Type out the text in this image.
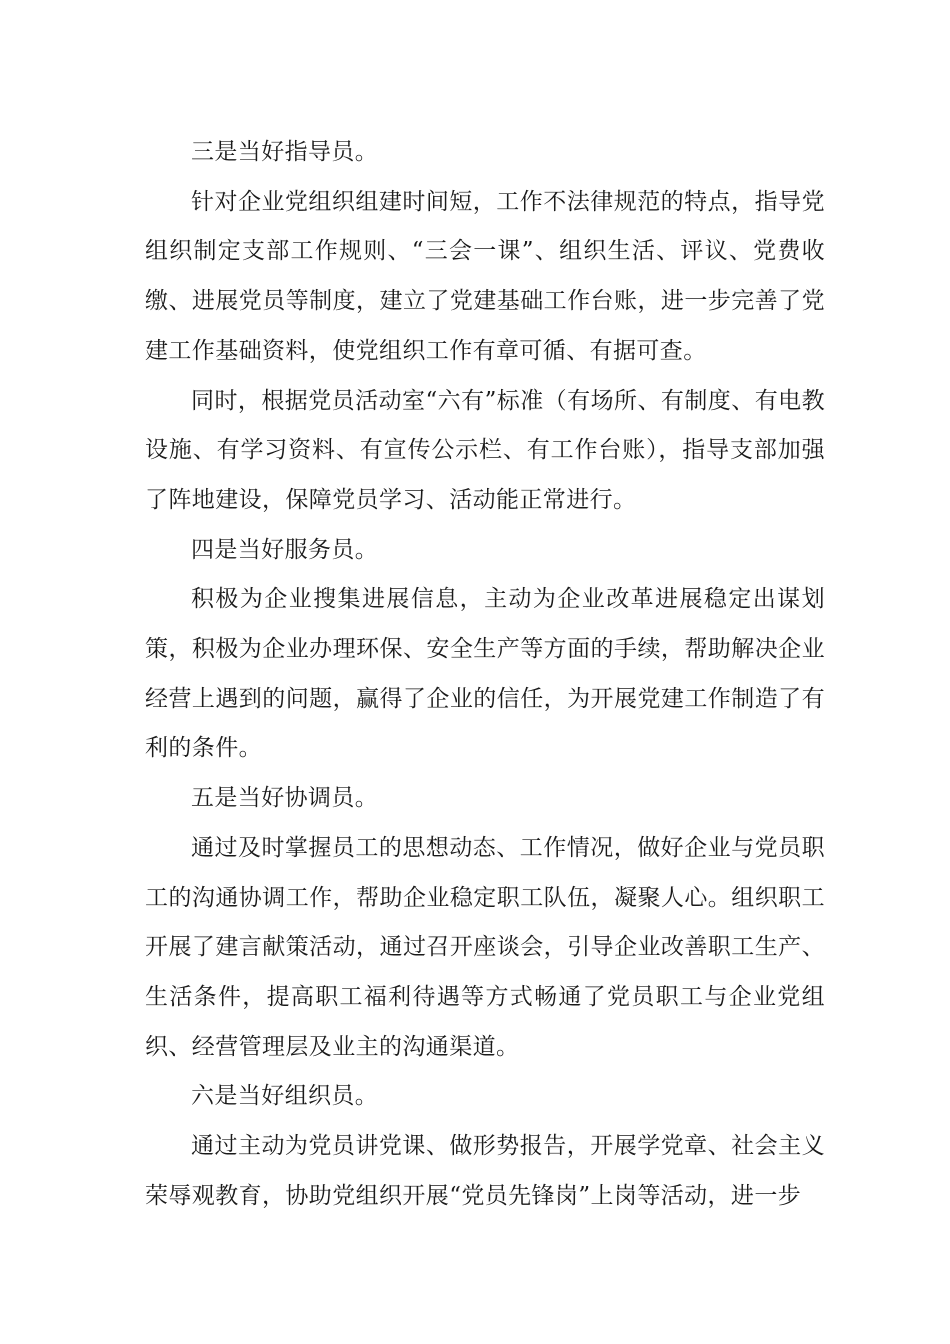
三是当好指导员。

针对企业党组织组建时间短，工作不法律规范的特点，指导党组织制定支部工作规则、“三会一课”、组织生活、评议、党费收缴、进展党员等制度，建立了党建基础工作台账，进一步完善了党建工作基础资料，使党组织工作有章可循、有据可查。

同时，根据党员活动室“六有”标准（有场所、有制度、有电教设施、有学习资料、有宣传公示栏、有工作台账），指导支部加强了阵地建设，保障党员学习、活动能正常进行。

四是当好服务员。

积极为企业搜集进展信息，主动为企业改革进展稳定出谋划策，积极为企业办理环保、安全生产等方面的手续，帮助解决企业经营上遇到的问题，赢得了企业的信任，为开展党建工作制造了有利的条件。

五是当好协调员。

通过及时掌握员工的思想动态、工作情况，做好企业与党员职工的沟通协调工作，帮助企业稳定职工队伍，凝聚人心。组织职工开展了建言献策活动，通过召开座谈会，引导企业改善职工生产、生活条件，提高职工福利待遇等方式畅通了党员职工与企业党组织、经营管理层及业主的沟通渠道。

六是当好组织员。

通过主动为党员讲党课、做形势报告，开展学党章、社会主义荣辱观教育，协助党组织开展“党员先锋岗”上岗等活动，进一步
